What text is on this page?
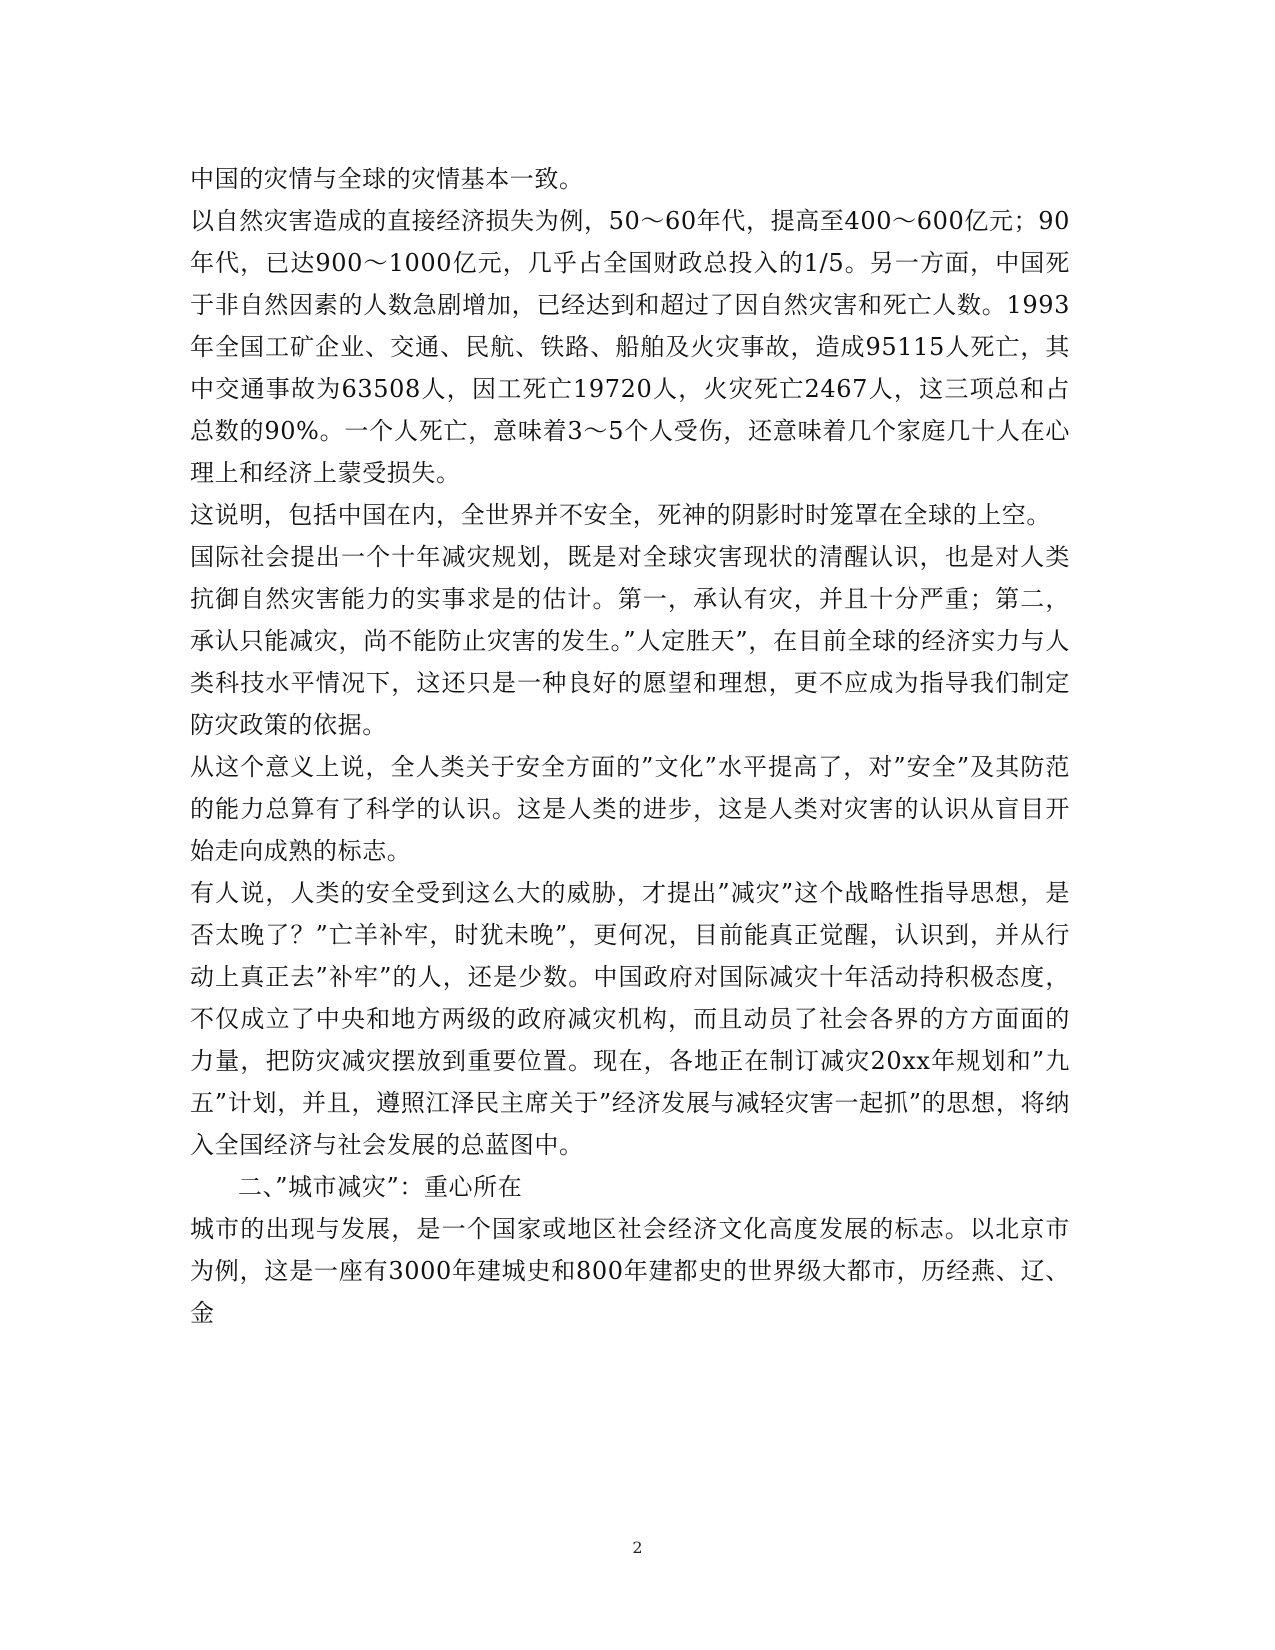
中国的灾情与全球的灾情基本一致。

以自然灾害造成的直接经济损失为例，50～60年代，提高至400～600亿元；90年代，已达900～1000亿元，几乎占全国财政总投入的1/5。另一方面，中国死于非自然因素的人数急剧增加，已经达到和超过了因自然灾害和死亡人数。1993年全国工矿企业、交通、民航、铁路、船舶及火灾事故，造成95115人死亡，其中交通事故为63508人，因工死亡19720人，火灾死亡2467人，这三项总和占总数的90%。一个人死亡，意味着3～5个人受伤，还意味着几个家庭几十人在心理上和经济上蒙受损失。

这说明，包括中国在内，全世界并不安全，死神的阴影时时笼罩在全球的上空。

国际社会提出一个十年减灾规划，既是对全球灾害现状的清醒认识，也是对人类抗御自然灾害能力的实事求是的估计。第一，承认有灾，并且十分严重；第二，承认只能减灾，尚不能防止灾害的发生。”人定胜天”，在目前全球的经济实力与人类科技水平情况下，这还只是一种良好的愿望和理想，更不应成为指导我们制定防灾政策的依据。

从这个意义上说，全人类关于安全方面的”文化”水平提高了，对”安全”及其防范的能力总算有了科学的认识。这是人类的进步，这是人类对灾害的认识从盲目开始走向成熟的标志。

有人说，人类的安全受到这么大的威胁，才提出”减灾”这个战略性指导思想，是否太晚了？”亡羊补牢，时犹未晚”，更何况，目前能真正觉醒，认识到，并从行动上真正去”补牢”的人，还是少数。中国政府对国际减灾十年活动持积极态度，不仅成立了中央和地方两级的政府减灾机构，而且动员了社会各界的方方面面的力量，把防灾减灾摆放到重要位置。现在，各地正在制订减灾20xx年规划和”九五”计划，并且，遵照江泽民主席关于”经济发展与减轻灾害一起抓”的思想，将纳入全国经济与社会发展的总蓝图中。

二、”城市减灾”：重心所在

城市的出现与发展，是一个国家或地区社会经济文化高度发展的标志。以北京市为例，这是一座有3000年建城史和800年建都史的世界级大都市，历经燕、辽、金

2
